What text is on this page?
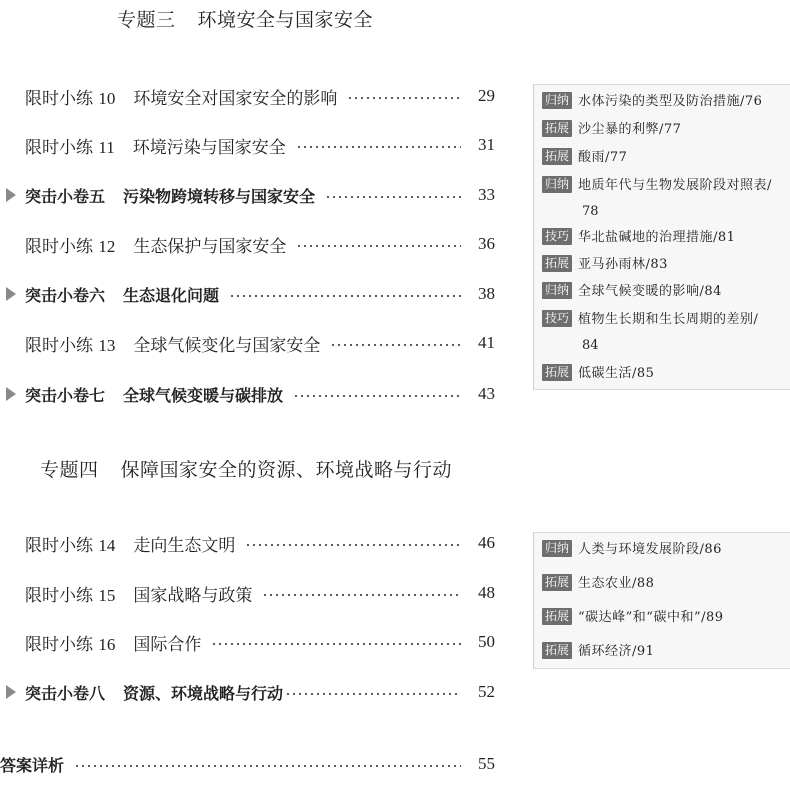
专题三 环境安全与国家安全
限时小练 10 环境安全对国家安全的影响	29
限时小练 11 环境污染与国家安全	31
突击小卷五 污染物跨境转移与国家安全	33
限时小练 12 生态保护与国家安全	36
突击小卷六 生态退化问题	38
限时小练 13 全球气候变化与国家安全	41
突击小卷七 全球气候变暖与碳排放	43
归纳 水体污染的类型及防治措施/76
拓展 沙尘暴的利弊/77
拓展 酸雨/77
归纳 地质年代与生物发展阶段对照表/
78
技巧 华北盐碱地的治理措施/81
拓展 亚马孙雨林/83
归纳 全球气候变暖的影响/84
技巧 植物生长期和生长周期的差别/
84
拓展 低碳生活/85
专题四 保障国家安全的资源、环境战略与行动
限时小练 14 走向生态文明	46
限时小练 15 国家战略与政策	48
限时小练 16 国际合作	50
突击小卷八 资源、环境战略与行动	52
归纳 人类与环境发展阶段/86
拓展 生态农业/88
拓展 “碳达峰”和“碳中和”/89
拓展 循环经济/91
答案详析	55
